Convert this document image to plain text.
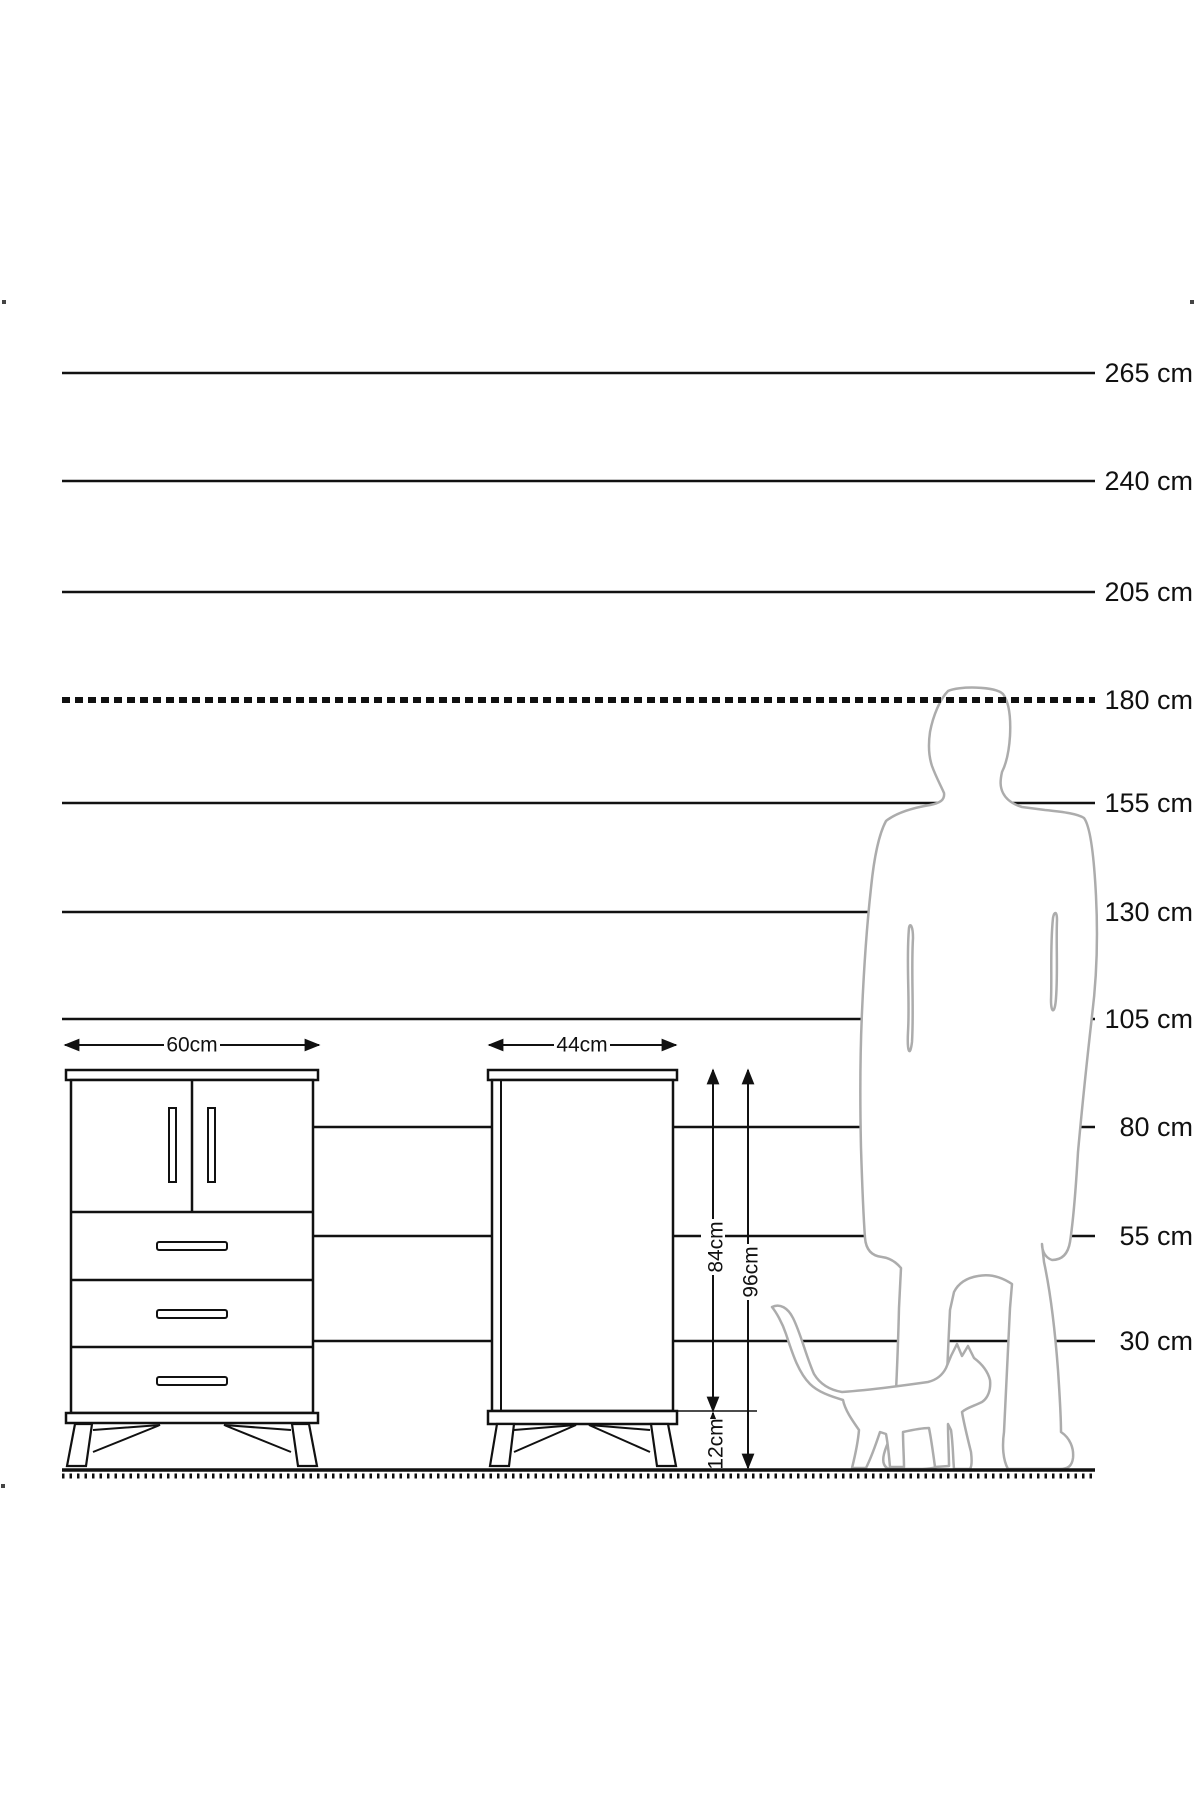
265 cm
240 cm
205 cm
180 cm
155 cm
130 cm
105 cm
80 cm
55 cm
30 cm
60cm	44cm
84cm 96cm
12cm
